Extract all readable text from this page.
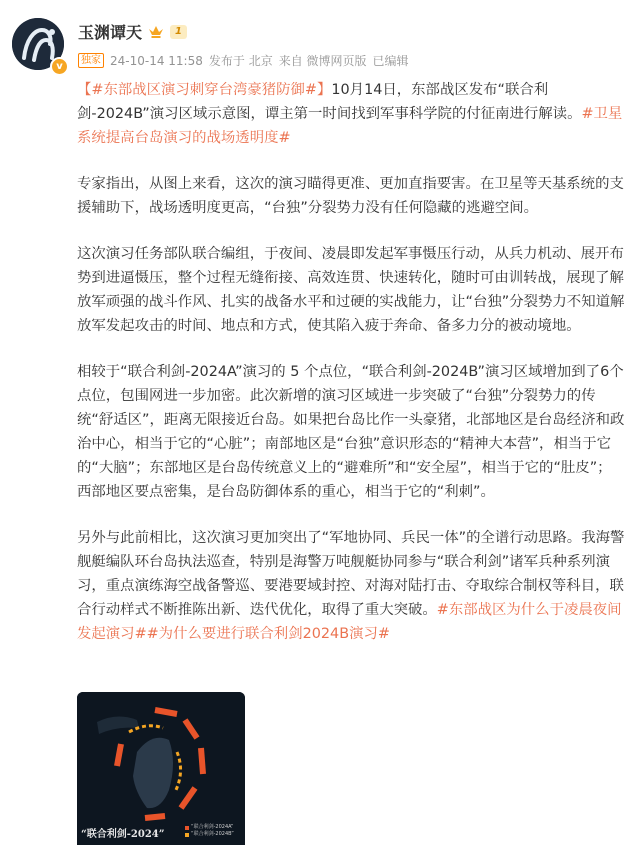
v
玉渊谭天	1
独家 24-10-14 11:58 发布于 北京 来自 微博网页版 已编辑

【#东部战区演习刺穿台湾豪猪防御#】10月14日，东部战区发布“联合利剑-2024B”演习区域示意图，谭主第一时间找到军事科学院的付征南进行解读。#卫星系统提高台岛演习的战场透明度#

专家指出，从图上来看，这次的演习瞄得更准、更加直指要害。在卫星等天基系统的支援辅助下，战场透明度更高，“台独”分裂势力没有任何隐藏的逃避空间。

这次演习任务部队联合编组，于夜间、凌晨即发起军事慑压行动，从兵力机动、展开布势到进逼慑压，整个过程无缝衔接、高效连贯、快速转化，随时可由训转战，展现了解放军顽强的战斗作风、扎实的战备水平和过硬的实战能力，让“台独”分裂势力不知道解放军发起攻击的时间、地点和方式，使其陷入疲于奔命、备多力分的被动境地。

相较于“联合利剑-2024A”演习的 5 个点位，“联合利剑-2024B”演习区域增加到了6个点位，包围网进一步加密。此次新增的演习区域进一步突破了“台独”分裂势力的传统“舒适区”，距离无限接近台岛。如果把台岛比作一头豪猪，北部地区是台岛经济和政治中心，相当于它的“心脏”；南部地区是“台独”意识形态的“精神大本营”，相当于它的“大脑”；东部地区是台岛传统意义上的“避难所”和“安全屋”，相当于它的“肚皮”；西部地区要点密集，是台岛防御体系的重心，相当于它的“利刺”。

另外与此前相比，这次演习更加突出了“军地协同、兵民一体”的全谱行动思路。我海警舰艇编队环台岛执法巡查，特别是海警万吨舰艇协同参与“联合利剑”诸军兵种系列演习，重点演练海空战备警巡、要港要域封控、对海对陆打击、夺取综合制权等科目，联合行动样式不断推陈出新、迭代优化，取得了重大突破。#东部战区为什么于凌晨夜间发起演习##为什么要进行联合利剑2024B演习#

“联合利剑-2024”
“联合利剑-2024A”
“联合利剑-2024B”
